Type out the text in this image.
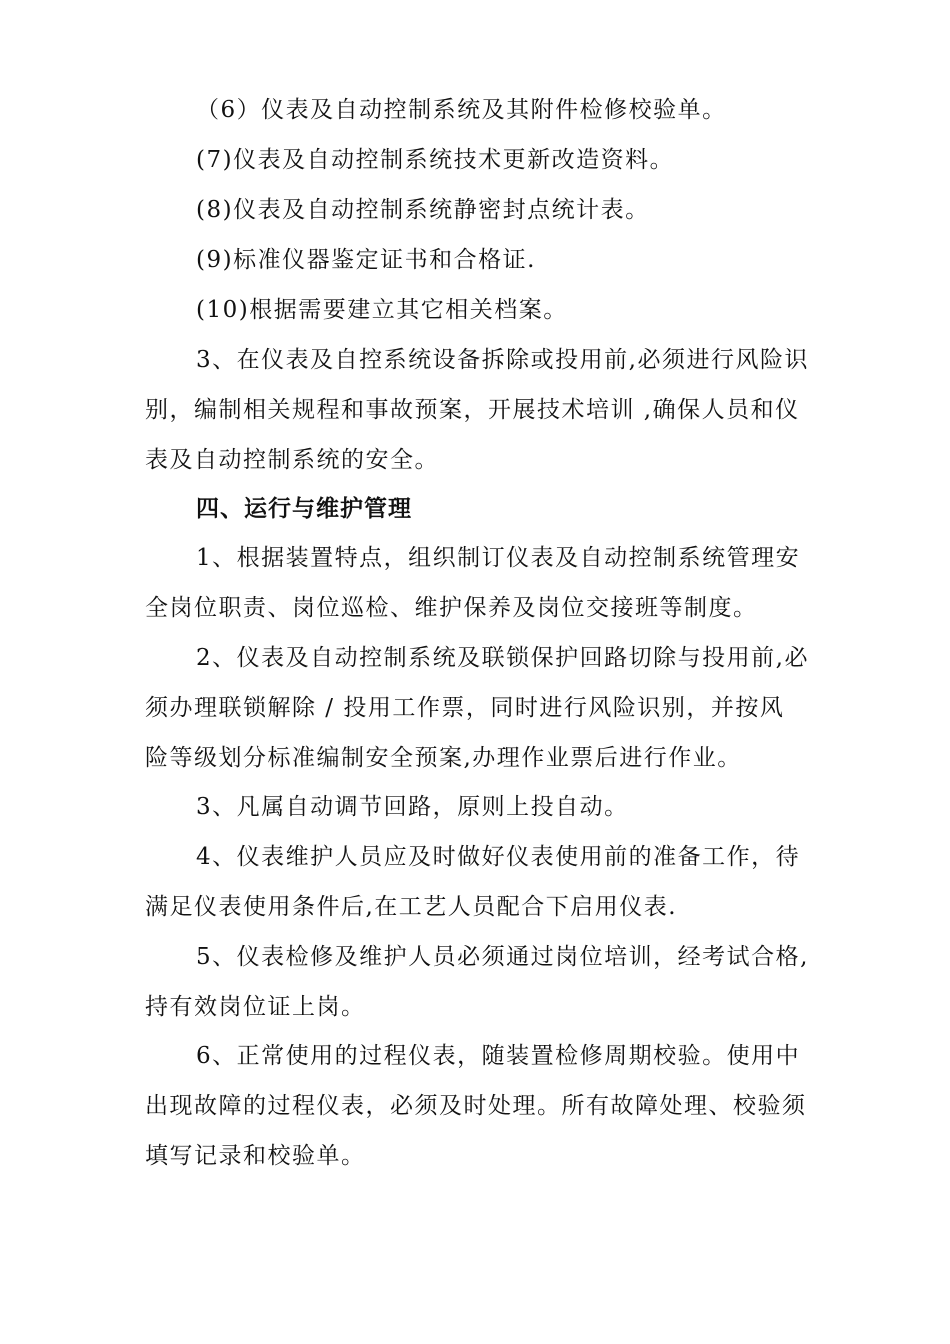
（6）仪表及自动控制系统及其附件检修校验单。

(7)仪表及自动控制系统技术更新改造资料。

(8)仪表及自动控制系统静密封点统计表。

(9)标准仪器鉴定证书和合格证.

(10)根据需要建立其它相关档案。

3、在仪表及自控系统设备拆除或投用前,必须进行风险识

别，编制相关规程和事故预案，开展技术培训 ,确保人员和仪

表及自动控制系统的安全。

四、运行与维护管理

1、根据装置特点，组织制订仪表及自动控制系统管理安

全岗位职责、岗位巡检、维护保养及岗位交接班等制度。

2、仪表及自动控制系统及联锁保护回路切除与投用前,必

须办理联锁解除 / 投用工作票，同时进行风险识别，并按风

险等级划分标准编制安全预案,办理作业票后进行作业。

3、凡属自动调节回路，原则上投自动。

4、仪表维护人员应及时做好仪表使用前的准备工作，待

满足仪表使用条件后,在工艺人员配合下启用仪表.

5、仪表检修及维护人员必须通过岗位培训，经考试合格,

持有效岗位证上岗。

6、正常使用的过程仪表，随装置检修周期校验。使用中

出现故障的过程仪表，必须及时处理。所有故障处理、校验须

填写记录和校验单。
